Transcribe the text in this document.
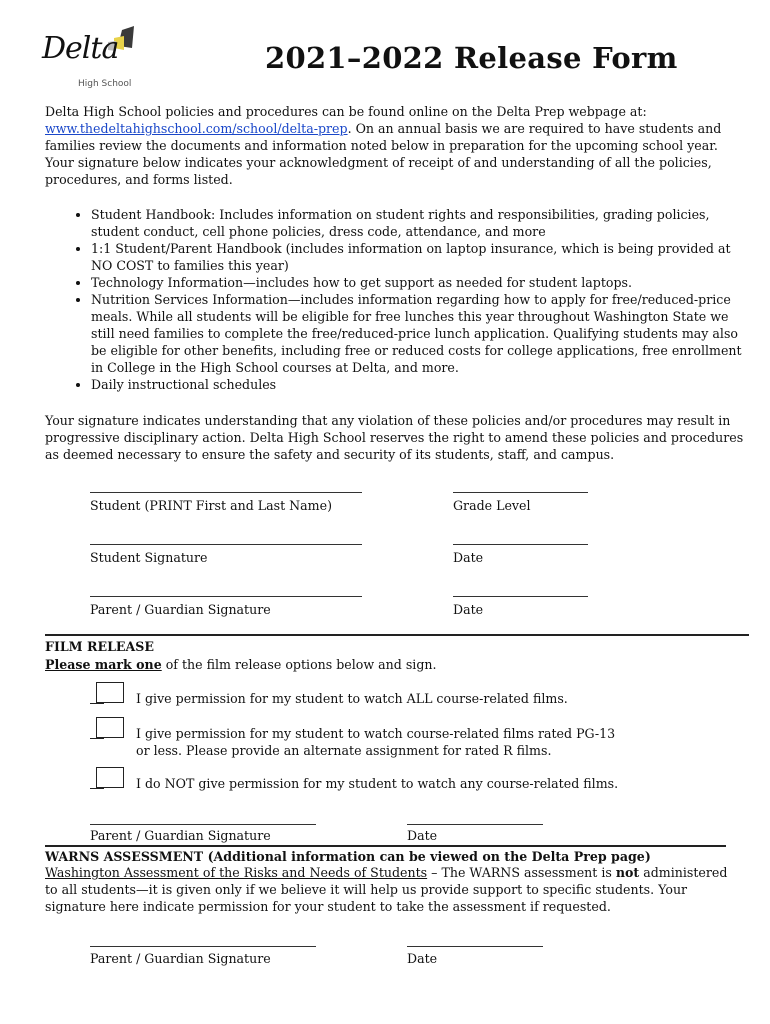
Delta
High School
2021–2022 Release Form
Delta High School policies and procedures can be found online on the Delta Prep webpage at:
www.thedeltahighschool.com/school/delta-prep. On an annual basis we are required to have students and families review the documents and information noted below in preparation for the upcoming school year. Your signature below indicates your acknowledgment of receipt of and understanding of all the policies, procedures, and forms listed.
• Student Handbook: Includes information on student rights and responsibilities, grading policies, student conduct, cell phone policies, dress code, attendance, and more
• 1:1 Student/Parent Handbook (includes information on laptop insurance, which is being provided at NO COST to families this year)
• Technology Information—includes how to get support as needed for student laptops.
• Nutrition Services Information—includes information regarding how to apply for free/reduced-price meals. While all students will be eligible for free lunches this year throughout Washington State we still need families to complete the free/reduced-price lunch application. Qualifying students may also be eligible for other benefits, including free or reduced costs for college applications, free enrollment in College in the High School courses at Delta, and more.
• Daily instructional schedules
Your signature indicates understanding that any violation of these policies and/or procedures may result in progressive disciplinary action. Delta High School reserves the right to amend these policies and procedures as deemed necessary to ensure the safety and security of its students, staff, and campus.
Student (PRINT First and Last Name)	Grade Level
Student Signature	Date
Parent / Guardian Signature	Date
FILM RELEASE
Please mark one of the film release options below and sign.
I give permission for my student to watch ALL course-related films.
I give permission for my student to watch course-related films rated PG-13 or less. Please provide an alternate assignment for rated R films.
I do NOT give permission for my student to watch any course-related films.
Parent / Guardian Signature	Date
WARNS ASSESSMENT (Additional information can be viewed on the Delta Prep page)
Washington Assessment of the Risks and Needs of Students – The WARNS assessment is not administered to all students—it is given only if we believe it will help us provide support to specific students. Your signature here indicate permission for your student to take the assessment if requested.
Parent / Guardian Signature	Date
